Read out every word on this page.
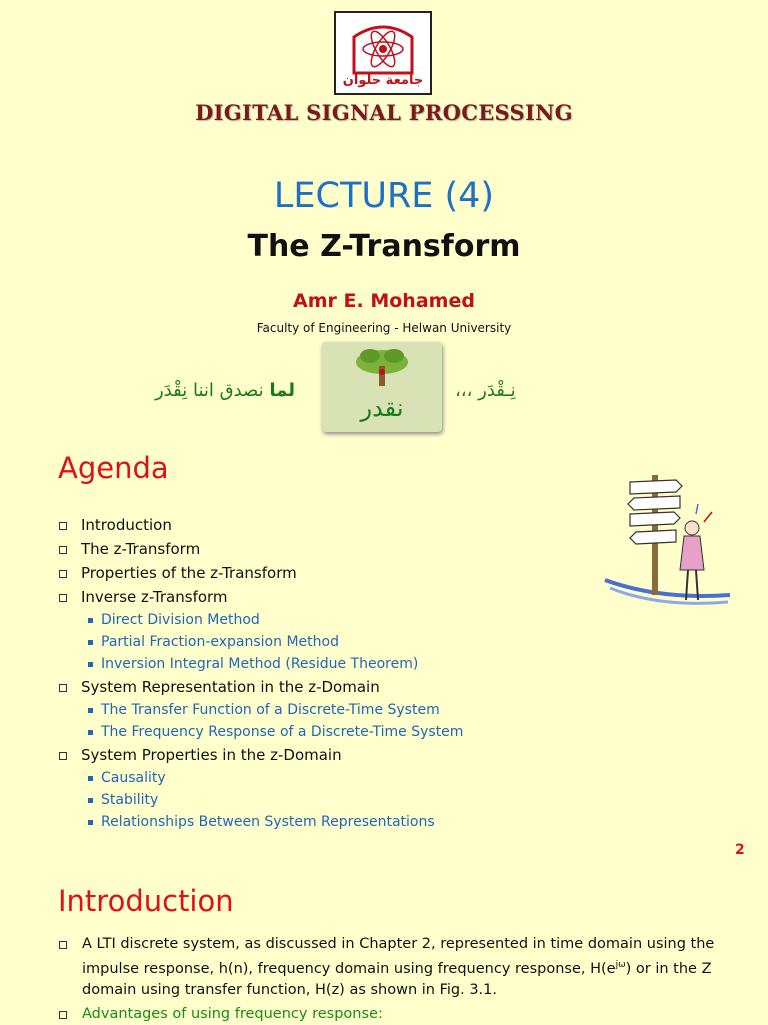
جامعة حلوان
DIGITAL SIGNAL PROCESSING
LECTURE (4)
The Z-Transform
Amr E. Mohamed
Faculty of Engineering - Helwan University
نقدر
لما نصدق اننا نِقْدَر	نِـقْدَر ،،،
Agenda
Introduction
The z-Transform
Properties of the z-Transform
Inverse z-Transform
Direct Division Method
Partial Fraction-expansion Method
Inversion Integral Method (Residue Theorem)
System Representation in the z-Domain
The Transfer Function of a Discrete-Time System
The Frequency Response of a Discrete-Time System
System Properties in the z-Domain
Causality
Stability
Relationships Between System Representations
2
Introduction

A LTI discrete system, as discussed in Chapter 2, represented in time domain using the impulse response, h(n), frequency domain using frequency response, $H(e^{j\omega})$ or in the Z domain using transfer function, H(z) as shown in Fig. 3.1.

Advantages of using frequency response:
